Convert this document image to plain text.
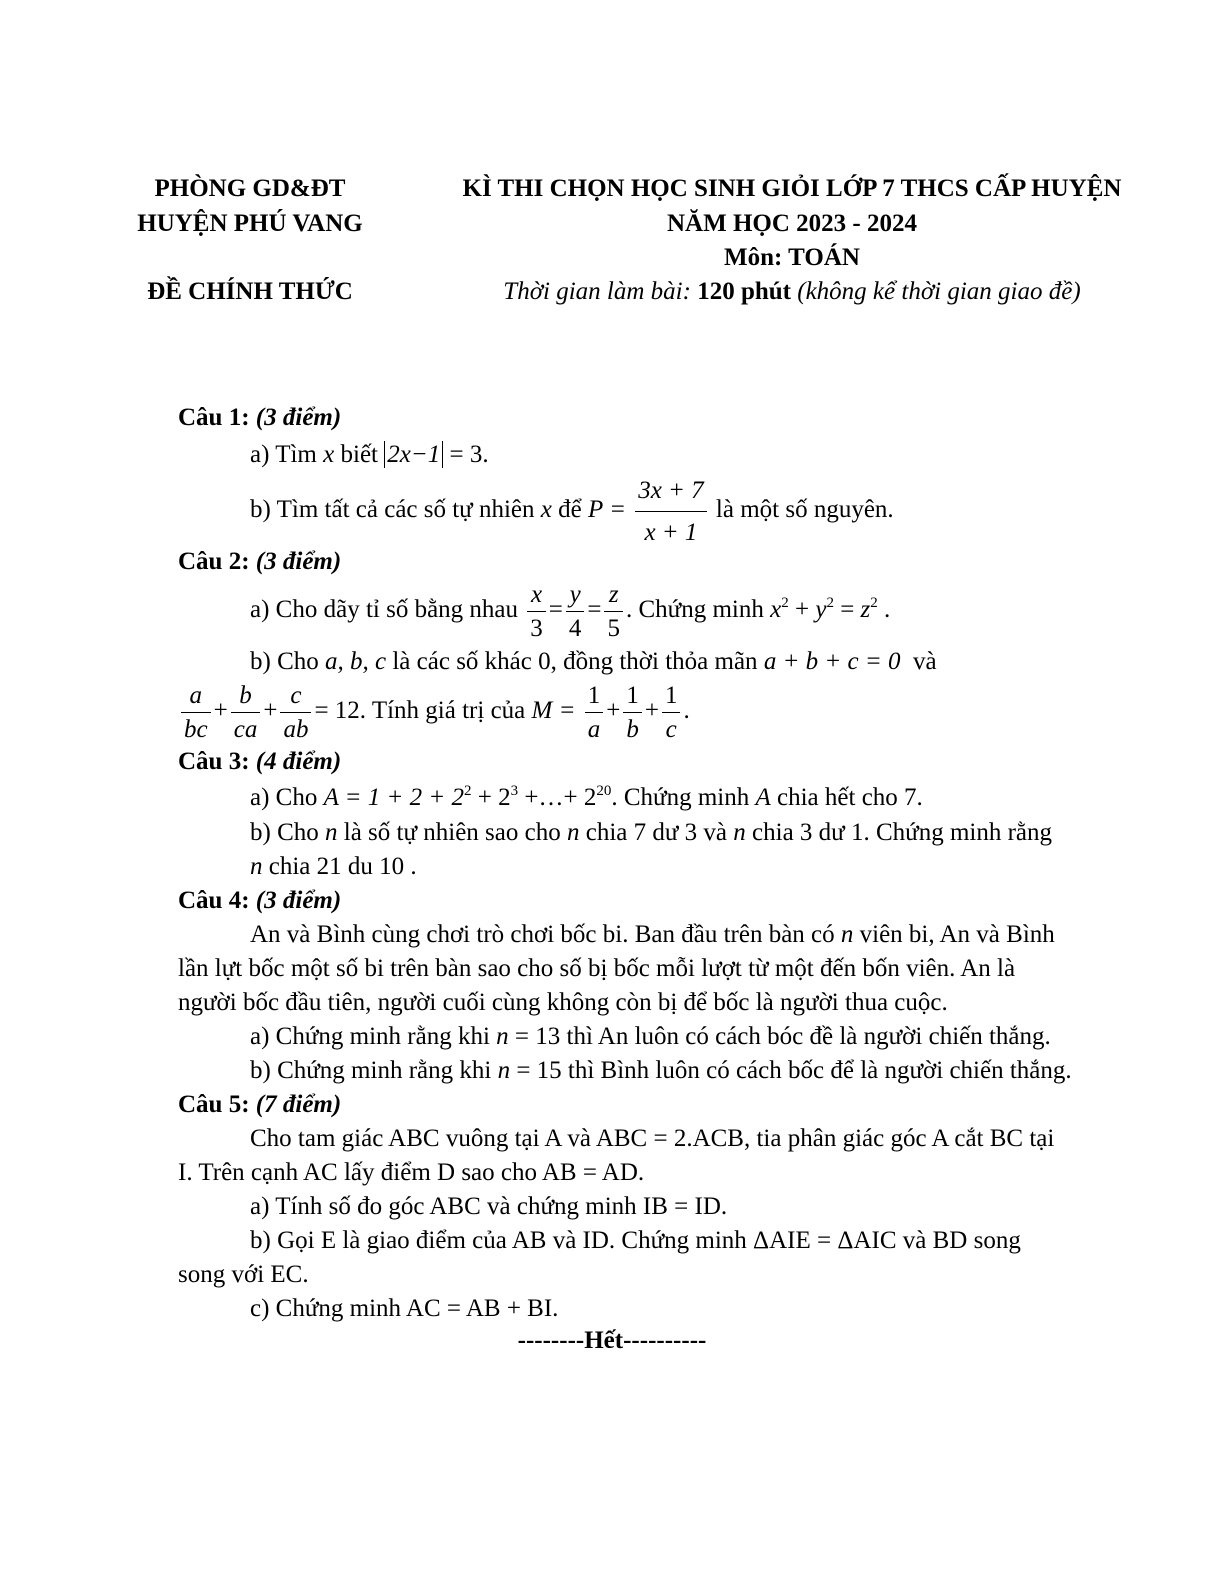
PHÒNG GD&ĐT
HUYỆN PHÚ VANG
ĐỀ CHÍNH THỨC
KÌ THI CHỌN HỌC SINH GIỎI LỚP 7 THCS CẤP HUYỆN
NĂM HỌC 2023 - 2024
Môn: TOÁN
Thời gian làm bài: 120 phút (không kể thời gian giao đề)
Câu 1: (3 điểm)
a) Tìm x biết 2x−1 = 3.
b) Tìm tất cả các số tự nhiên x để $P = \frac{3x + 7}{x + 1}$ là một số nguyên.
Câu 2: (3 điểm)
a) Cho dãy tỉ số bằng nhau $\frac{x}{3} = \frac{y}{4} = \frac{z}{5}$ . Chứng minh $x^2 + y^2 = z^2$ .
b) Cho a, b, c là các số khác 0, đồng thời thỏa mãn a + b + c = 0 và
$\frac{a}{bc} + \frac{b}{ca} + \frac{c}{ab} = 12$. Tính giá trị của $M = \frac{1}{a} + \frac{1}{b} + \frac{1}{c}$ .
Câu 3: (4 điểm)
a) Cho $A = 1 + 2 + 2^2 + 2^3$ +…+ $2^{20}$. Chứng minh A chia hết cho 7.
b) Cho n là số tự nhiên sao cho n chia 7 dư 3 và n chia 3 dư 1. Chứng minh rằng
n chia 21 du 10 .
Câu 4: (3 điểm)
An và Bình cùng chơi trò chơi bốc bi. Ban đầu trên bàn có n viên bi, An và Bình
lần lựt bốc một số bi trên bàn sao cho số bị bốc mỗi lượt từ một đến bốn viên. An là
người bốc đầu tiên, người cuối cùng không còn bị để bốc là người thua cuộc.
a) Chứng minh rằng khi n = 13 thì An luôn có cách bóc đề là người chiến thắng.
b) Chứng minh rằng khi n = 15 thì Bình luôn có cách bốc để là người chiến thắng.
Câu 5: (7 điểm)
Cho tam giác ABC vuông tại A và ABC = 2.ACB, tia phân giác góc A cắt BC tại
I. Trên cạnh AC lấy điểm D sao cho AB = AD.
a) Tính số đo góc ABC và chứng minh IB = ID.
b) Gọi E là giao điểm của AB và ID. Chứng minh ΔAIE = ΔAIC và BD song
song với EC.
c) Chứng minh AC = AB + BI.
--------Hết----------
